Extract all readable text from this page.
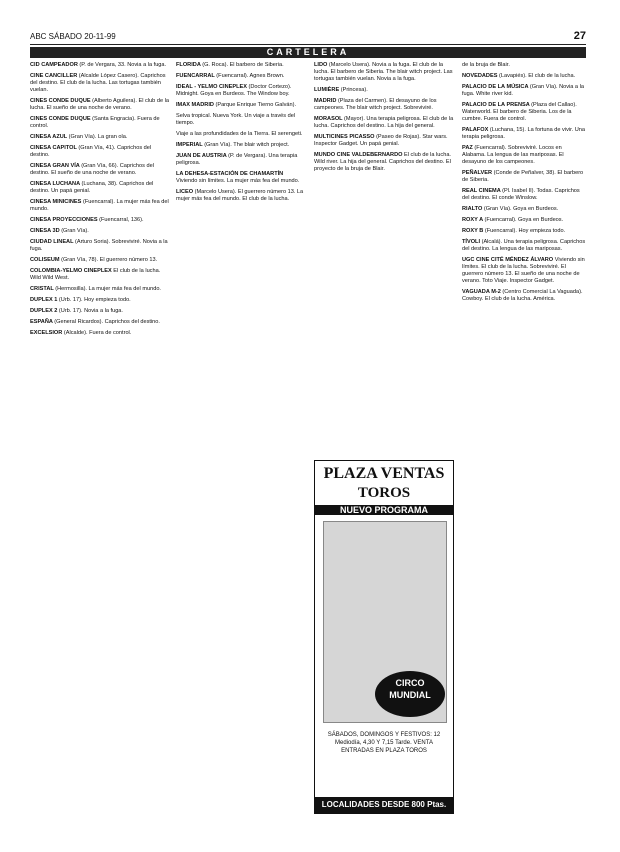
ABC SÁBADO 20-11-99	27
CARTELERA
CID CAMPEADOR (P. de Vergara, 33. Novia a la fuga.
CINE CANCILLER (Alcalde López Casero). Caprichos del destino. El club de la lucha. Las tortugas también vuelan.
CINES CONDE DUQUE (Alberto Aguilera). El club de la lucha. El sueño de una noche de verano.
CINES CONDE DUQUE (Santa Engracia). Fuera de control.
CINESA AZUL (Gran Vía). La gran ola.
CINESA CAPITOL (Gran Vía, 41). Caprichos del destino.
CINESA GRAN VÍA (Gran Vía, 66). Caprichos del destino. El sueño de una noche de verano.
CINESA LUCHANA (Luchana, 38). Caprichos del destino. Un papá genial.
CINESA MINICINES (Fuencarral). La mujer más fea del mundo.
CINESA PROYECCIONES (Fuencarral, 136).
CINESA 3D (Gran Vía).
CIUDAD LINEAL (Arturo Soria). Sobreviviré. Novia a la fuga.
COLISEUM (Gran Vía, 78). El guerrero número 13.
COLOMBIA-YELMO CINEPLEX El club de la lucha. Wild Wild West.
CRISTAL (Hermosilla). La mujer más fea del mundo.
DUPLEX 1 (Urb. 17). Hoy empieza todo.
DUPLEX 2 (Urb. 17). Novia a la fuga.
ESPAÑA (General Ricardos). Caprichos del destino.
EXCELSIOR (Alcalde). Fuera de control.
FLORIDA (G. Roca). El barbero de Siberia.
FUENCARRAL (Fuencarral). Agnes Brown.
IDEAL - YELMO CINEPLEX (Doctor Cortezo). Midnight. Goya en Burdeos. The Window boy.
IMAX MADRID (Parque Enrique Tierno Galván).
Selva tropical. Nueva York. Un viaje a través del tiempo.
Viaje a las profundidades de la Tierra. El serengeti.
IMPERIAL (Gran Vía). The blair witch project.
JUAN DE AUSTRIA (P. de Vergara). Una terapia peligrosa.
LA DEHESA-ESTACIÓN DE CHAMARTÍN Viviendo sin límites. La mujer más fea del mundo.
LICEO (Marcelo Usera). El guerrero número 13. La mujer más fea del mundo. El club de la lucha.
LIDO (Marcelo Usera). Novia a la fuga. El club de la lucha. El barbero de Siberia. The blair witch project. Las tortugas también vuelan. Novia a la fuga.
LUMIÈRE (Princesa).
MADRID (Plaza del Carmen). El desayuno de los campeones. The blair witch project. Sobreviviré.
MORASOL (Mayor). Una terapia peligrosa. El club de la lucha. Caprichos del destino. La hija del general.
MULTICINES PICASSO (Paseo de Rojas). Star wars. Inspector Gadget. Un papá genial.
MUNDO CINE VALDEBERNARDO El club de la lucha. Wild river. La hija del general. Caprichos del destino. El proyecto de la bruja de Blair.
de la bruja de Blair.
NOVEDADES (Lavapiés). El club de la lucha.
PALACIO DE LA MÚSICA (Gran Vía). Novia a la fuga. White river kid.
PALACIO DE LA PRENSA (Plaza del Callao). Waterworld. El barbero de Siberia. Los de la cumbre. Fuera de control.
PALAFOX (Luchana, 15). La fortuna de vivir. Una terapia peligrosa.
PAZ (Fuencarral). Sobreviviré. Locos en Alabama. La lengua de las mariposas. El desayuno de los campeones.
PEÑALVER (Conde de Peñalver, 38). El barbero de Siberia.
REAL CINEMA (Pl. Isabel II). Todas. Caprichos del destino. El conde Winslow.
RIALTO (Gran Vía). Goya en Burdeos.
ROXY A (Fuencarral). Goya en Burdeos.
ROXY B (Fuencarral). Hoy empieza todo.
TÍVOLI (Alcalá). Una terapia peligrosa. Caprichos del destino. La lengua de las mariposas.
UGC CINE CITÉ MÉNDEZ ÁLVARO Viviendo sin límites. El club de la lucha. Sobreviviré. El guerrero número 13. El sueño de una noche de verano. Toto Viaje. Inspector Gadget.
VAGUADA M-2 (Centro Comercial La Vaguada). Cowboy. El club de la lucha. América.
PLAZA VENTAS
TOROS
NUEVO PROGRAMA
CIRCO MUNDIAL
SÁBADOS, DOMINGOS Y FESTIVOS: 12 Mediodía, 4,30 Y 7,15 Tarde. VENTA ENTRADAS EN PLAZA TOROS
LOCALIDADES DESDE 800 Ptas.
